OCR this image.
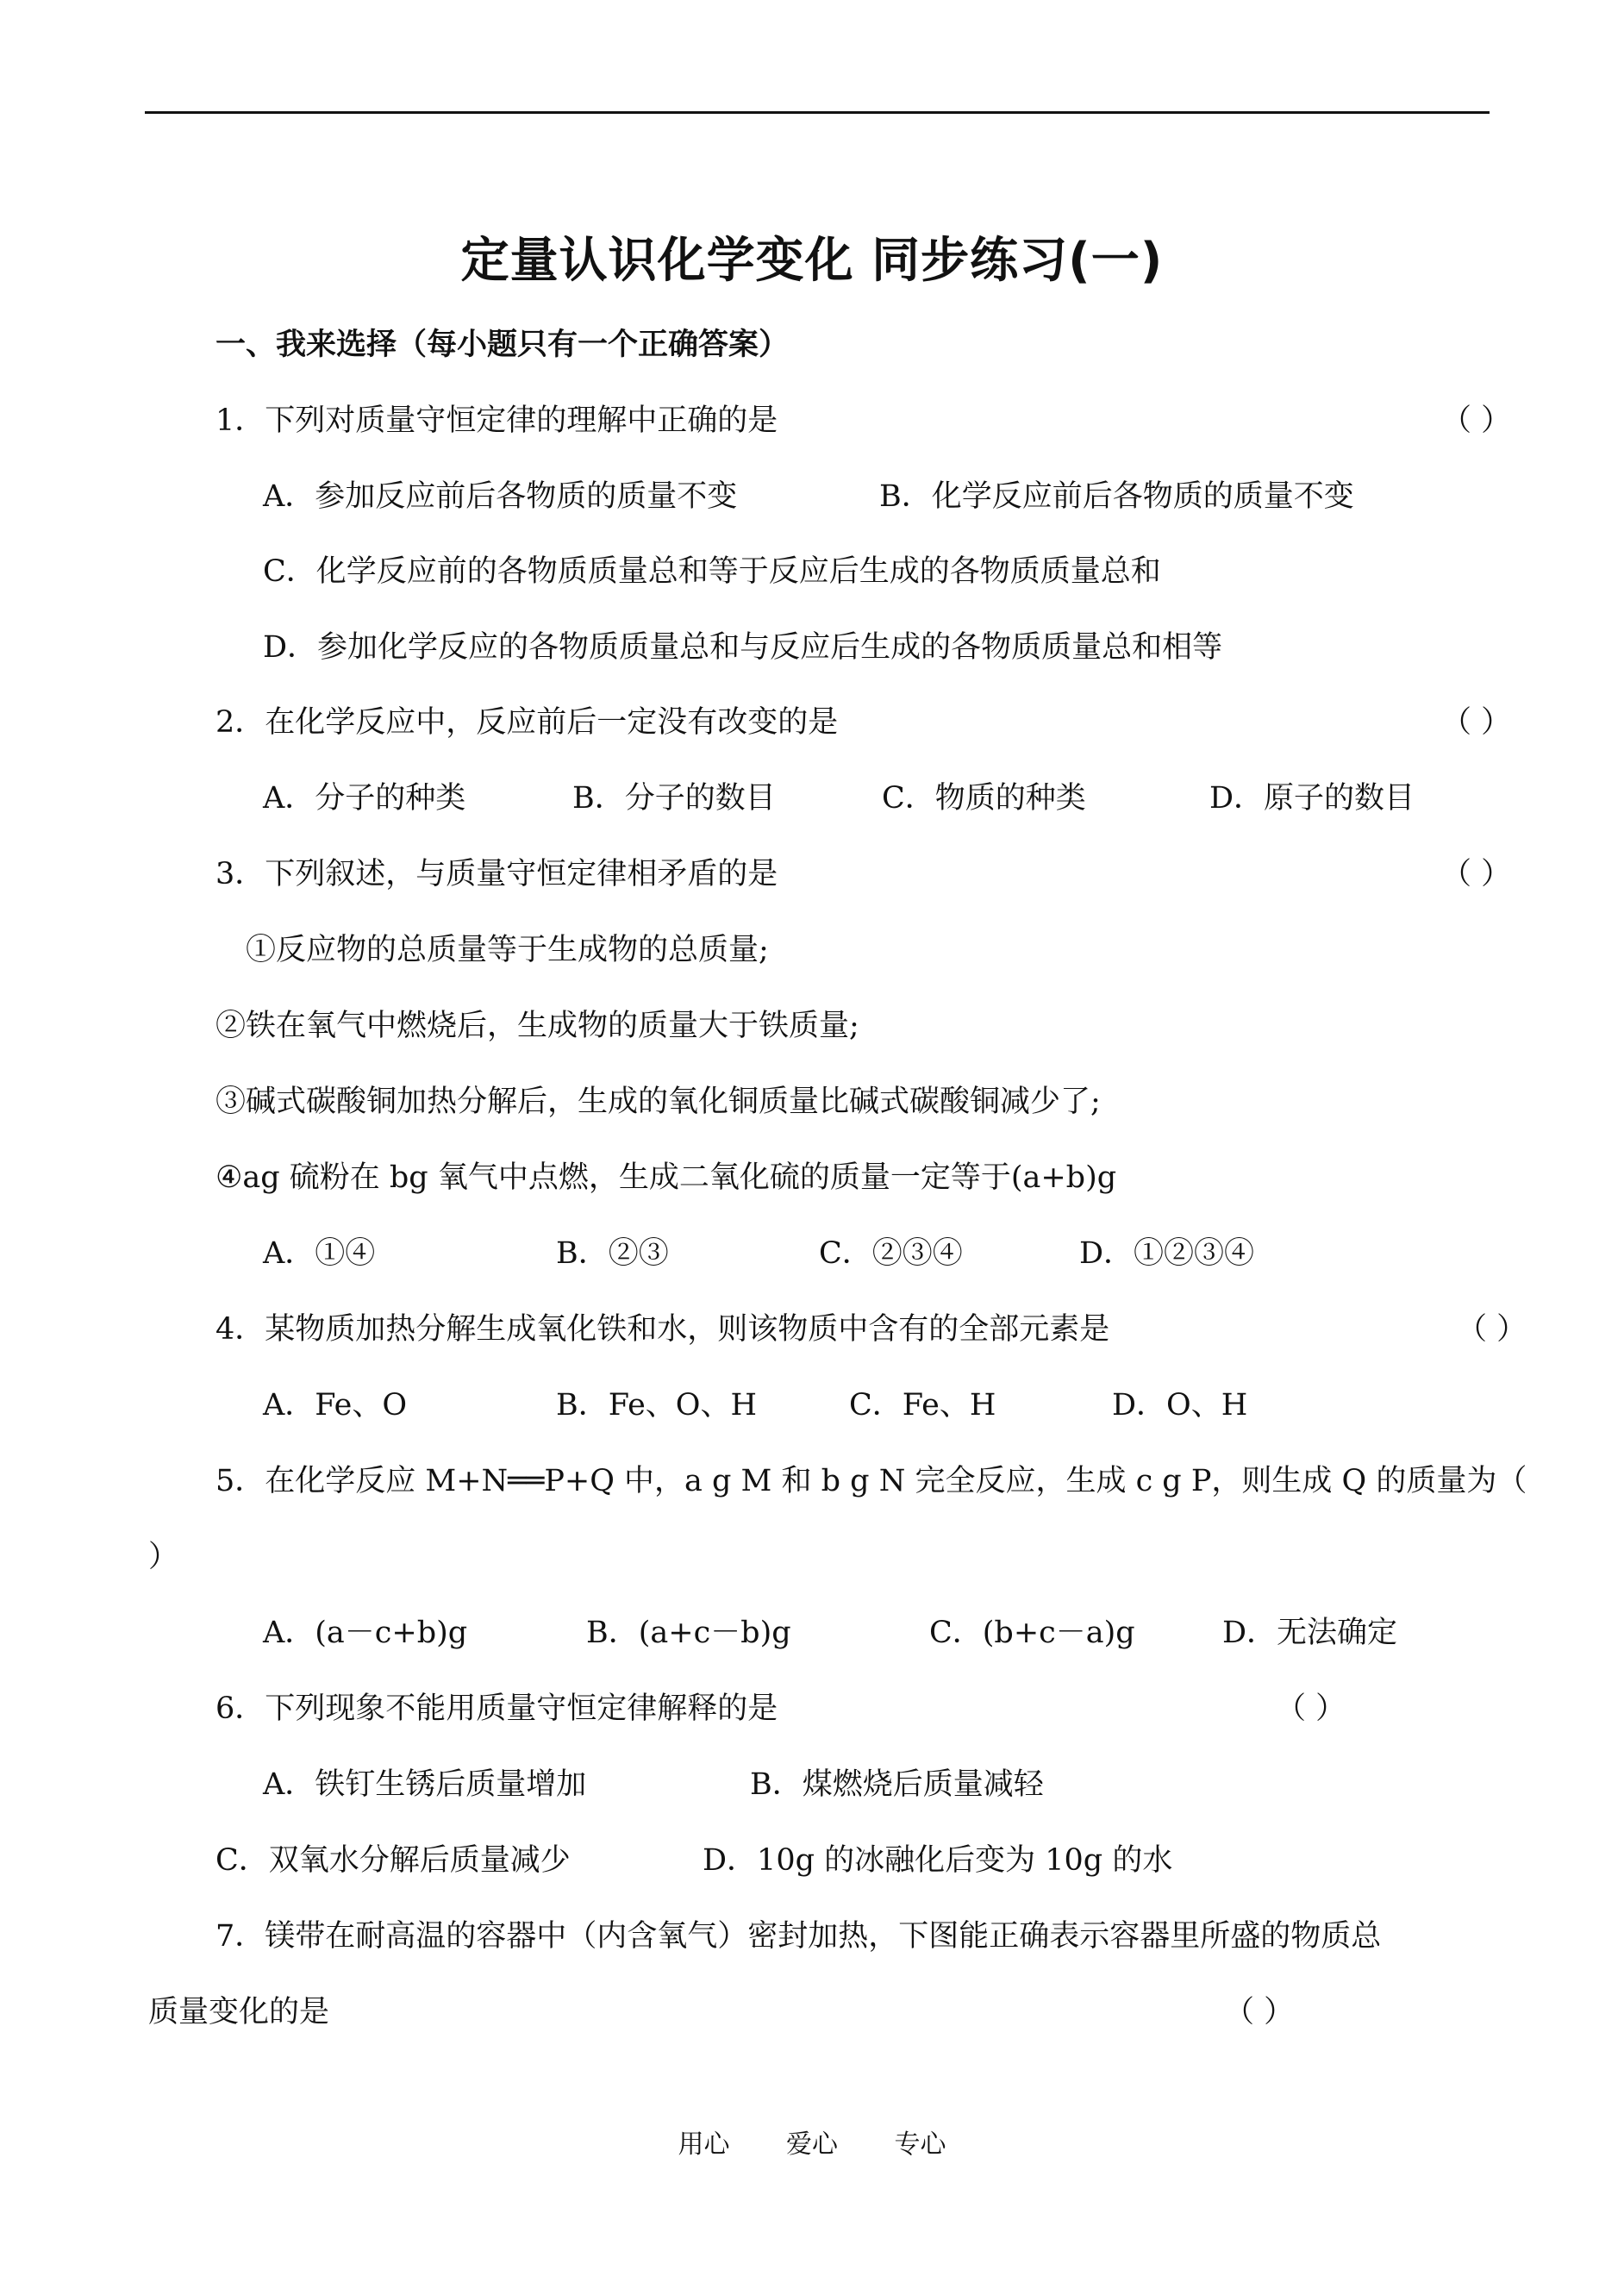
定量认识化学变化 同步练习(一)
一、我来选择（每小题只有一个正确答案）
1．下列对质量守恒定律的理解中正确的是	（ ）
A．参加反应前后各物质的质量不变	B．化学反应前后各物质的质量不变
C．化学反应前的各物质质量总和等于反应后生成的各物质质量总和
D．参加化学反应的各物质质量总和与反应后生成的各物质质量总和相等
2．在化学反应中，反应前后一定没有改变的是	（ ）
A．分子的种类	B．分子的数目	C．物质的种类	D．原子的数目
3．下列叙述，与质量守恒定律相矛盾的是	（ ）
①反应物的总质量等于生成物的总质量;
②铁在氧气中燃烧后，生成物的质量大于铁质量;
③碱式碳酸铜加热分解后，生成的氧化铜质量比碱式碳酸铜减少了;
④ag 硫粉在 bg 氧气中点燃，生成二氧化硫的质量一定等于(a+b)g
A．①④	B．②③	C．②③④	D．①②③④
4．某物质加热分解生成氧化铁和水，则该物质中含有的全部元素是	（ ）
A．Fe、O	B．Fe、O、H	C．Fe、H	D．O、H
5．在化学反应 M+N══P+Q 中，a g M 和 b g N 完全反应，生成 c g P，则生成 Q 的质量为（
）
A．(a－c+b)g	B．(a+c－b)g	C．(b+c－a)g	D．无法确定
6．下列现象不能用质量守恒定律解释的是	（ ）
A．铁钉生锈后质量增加	B．煤燃烧后质量减轻
C．双氧水分解后质量减少	D．10g 的冰融化后变为 10g 的水
7．镁带在耐高温的容器中（内含氧气）密封加热，下图能正确表示容器里所盛的物质总
质量变化的是	（ ）
用心 爱心 专心
